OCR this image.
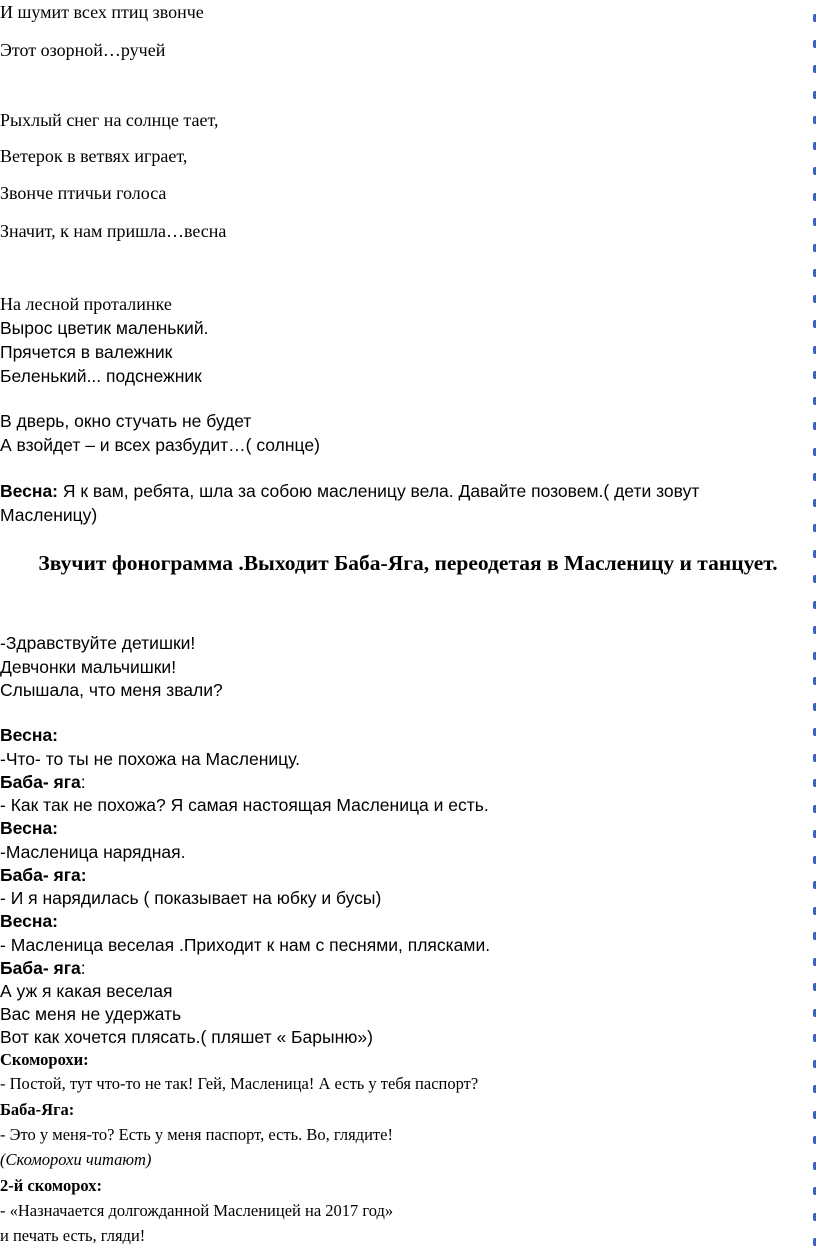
И шумит всех птиц звонче

Этот озорной…ручей

Рыхлый снег на солнце тает,

Ветерок в ветвях играет,

Звонче птичьи голоса

Значит, к нам пришла…весна

На лесной проталинке

Вырос цветик маленький.

Прячется в валежник

Беленький... подснежник

В дверь, окно стучать не будет

А взойдет – и всех разбудит…( солнце)

Весна: Я к вам, ребята, шла за собою масленицу вела. Давайте позовем.( дети зовут

Масленицу)

Звучит фонограмма .Выходит Баба-Яга, переодетая в Масленицу и танцует.

-Здравствуйте детишки!

Девчонки мальчишки!

Слышала, что меня звали?

Весна:

-Что- то ты не похожа на Масленицу.

Баба- яга:

- Как так не похожа? Я самая настоящая Масленица и есть.

Весна:

-Масленица нарядная.

Баба- яга:

- И я нарядилась ( показывает на юбку и бусы)

Весна:

- Масленица веселая .Приходит к нам с песнями, плясками.

Баба- яга:

А уж я какая веселая

Вас меня не удержать

Вот как хочется плясать.( пляшет « Барыню»)

Скоморохи:

- Постой, тут что-то не так! Гей, Масленица! А есть у тебя паспорт?

Баба-Яга:

- Это у меня-то? Есть у меня паспорт, есть. Во, глядите!

(Скоморохи читают)

2-й скоморох:

- «Назначается долгожданной Масленицей на 2017 год»

и печать есть, гляди!
